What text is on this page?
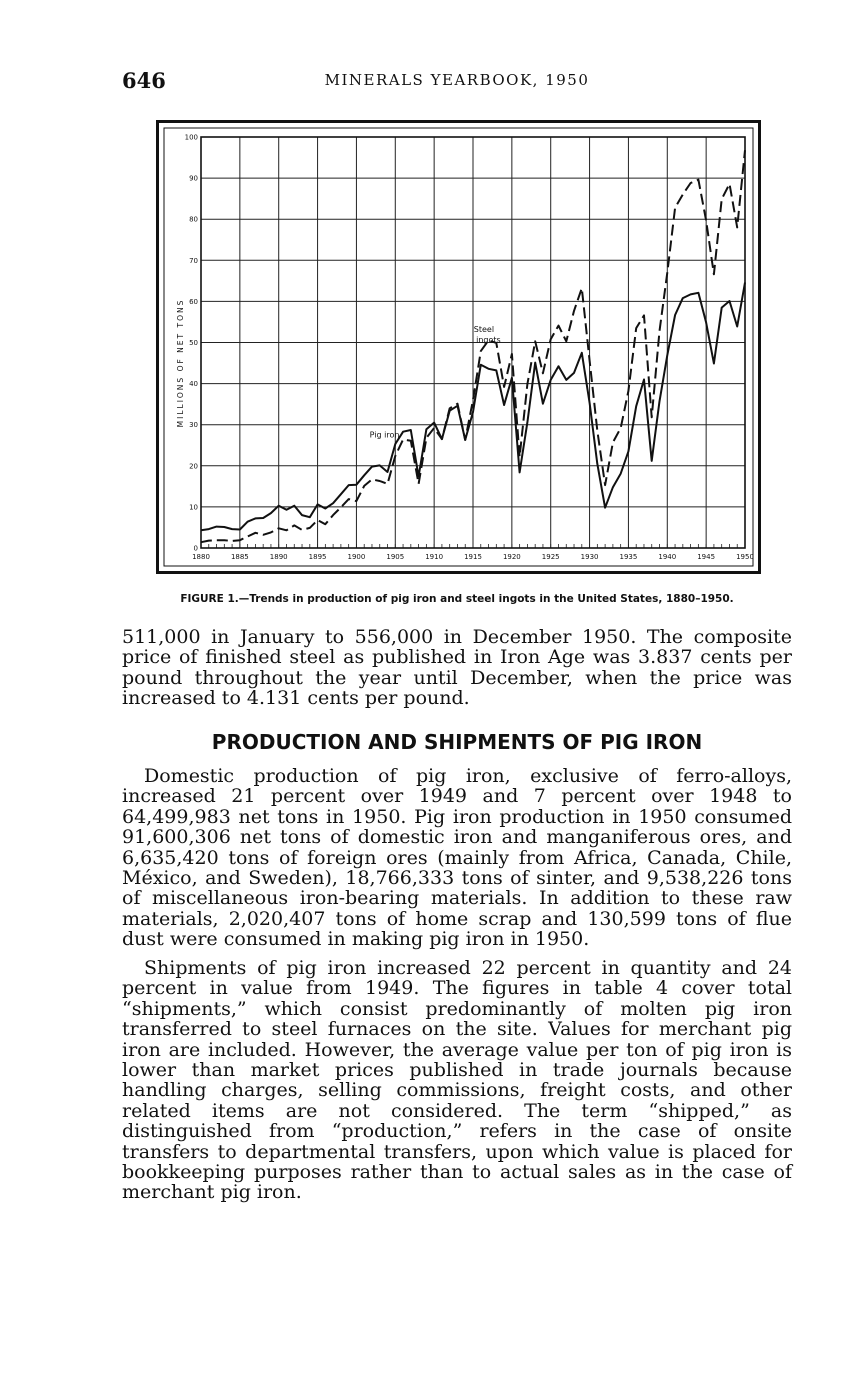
646	MINERALS YEARBOOK, 1950
0
10
20
30
40
50
60
70
80
90
100
1880	1885	1890	1895	1900	1905	1910	1915	1920	1925	1930	1935	1940	1945	1950
MILLIONS OF NET TONS	Steel
ingots
Pig iron
FIGURE 1.—Trends in production of pig iron and steel ingots in the United States, 1880–1950.

511,000 in January to 556,000 in December 1950. The composite price of finished steel as published in Iron Age was 3.837 cents per pound throughout the year until December, when the price was increased to 4.131 cents per pound.

PRODUCTION AND SHIPMENTS OF PIG IRON

Domestic production of pig iron, exclusive of ferro-alloys, increased 21 percent over 1949 and 7 percent over 1948 to 64,499,983 net tons in 1950. Pig iron production in 1950 consumed 91,600,306 net tons of domestic iron and manganiferous ores, and 6,635,420 tons of foreign ores (mainly from Africa, Canada, Chile, México, and Sweden), 18,766,333 tons of sinter, and 9,538,226 tons of miscellaneous iron-bearing materials. In addition to these raw materials, 2,020,407 tons of home scrap and 130,599 tons of flue dust were consumed in making pig iron in 1950.

Shipments of pig iron increased 22 percent in quantity and 24 percent in value from 1949. The figures in table 4 cover total “shipments,” which consist predominantly of molten pig iron transferred to steel furnaces on the site. Values for merchant pig iron are included. However, the average value per ton of pig iron is lower than market prices published in trade journals because handling charges, selling commissions, freight costs, and other related items are not considered. The term “shipped,” as distinguished from “production,” refers in the case of onsite transfers to departmental transfers, upon which value is placed for bookkeeping purposes rather than to actual sales as in the case of merchant pig iron.
